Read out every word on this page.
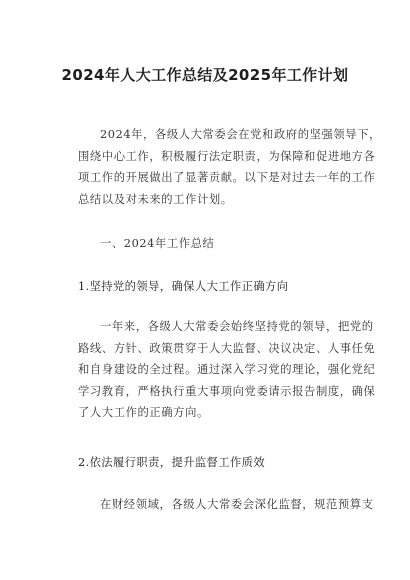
2024年人大工作总结及2025年工作计划

2024年，各级人大常委会在党和政府的坚强领导下，
围绕中心工作，积极履行法定职责，为保障和促进地方各
项工作的开展做出了显著贡献。以下是对过去一年的工作
总结以及对未来的工作计划。

一、2024年工作总结
1.坚持党的领导，确保人大工作正确方向

一年来，各级人大常委会始终坚持党的领导，把党的
路线、方针、政策贯穿于人大监督、决议决定、人事任免
和自身建设的全过程。通过深入学习党的理论，强化党纪
学习教育，严格执行重大事项向党委请示报告制度，确保
了人大工作的正确方向。

2.依法履行职责，提升监督工作质效

在财经领域，各级人大常委会深化监督，规范预算支
